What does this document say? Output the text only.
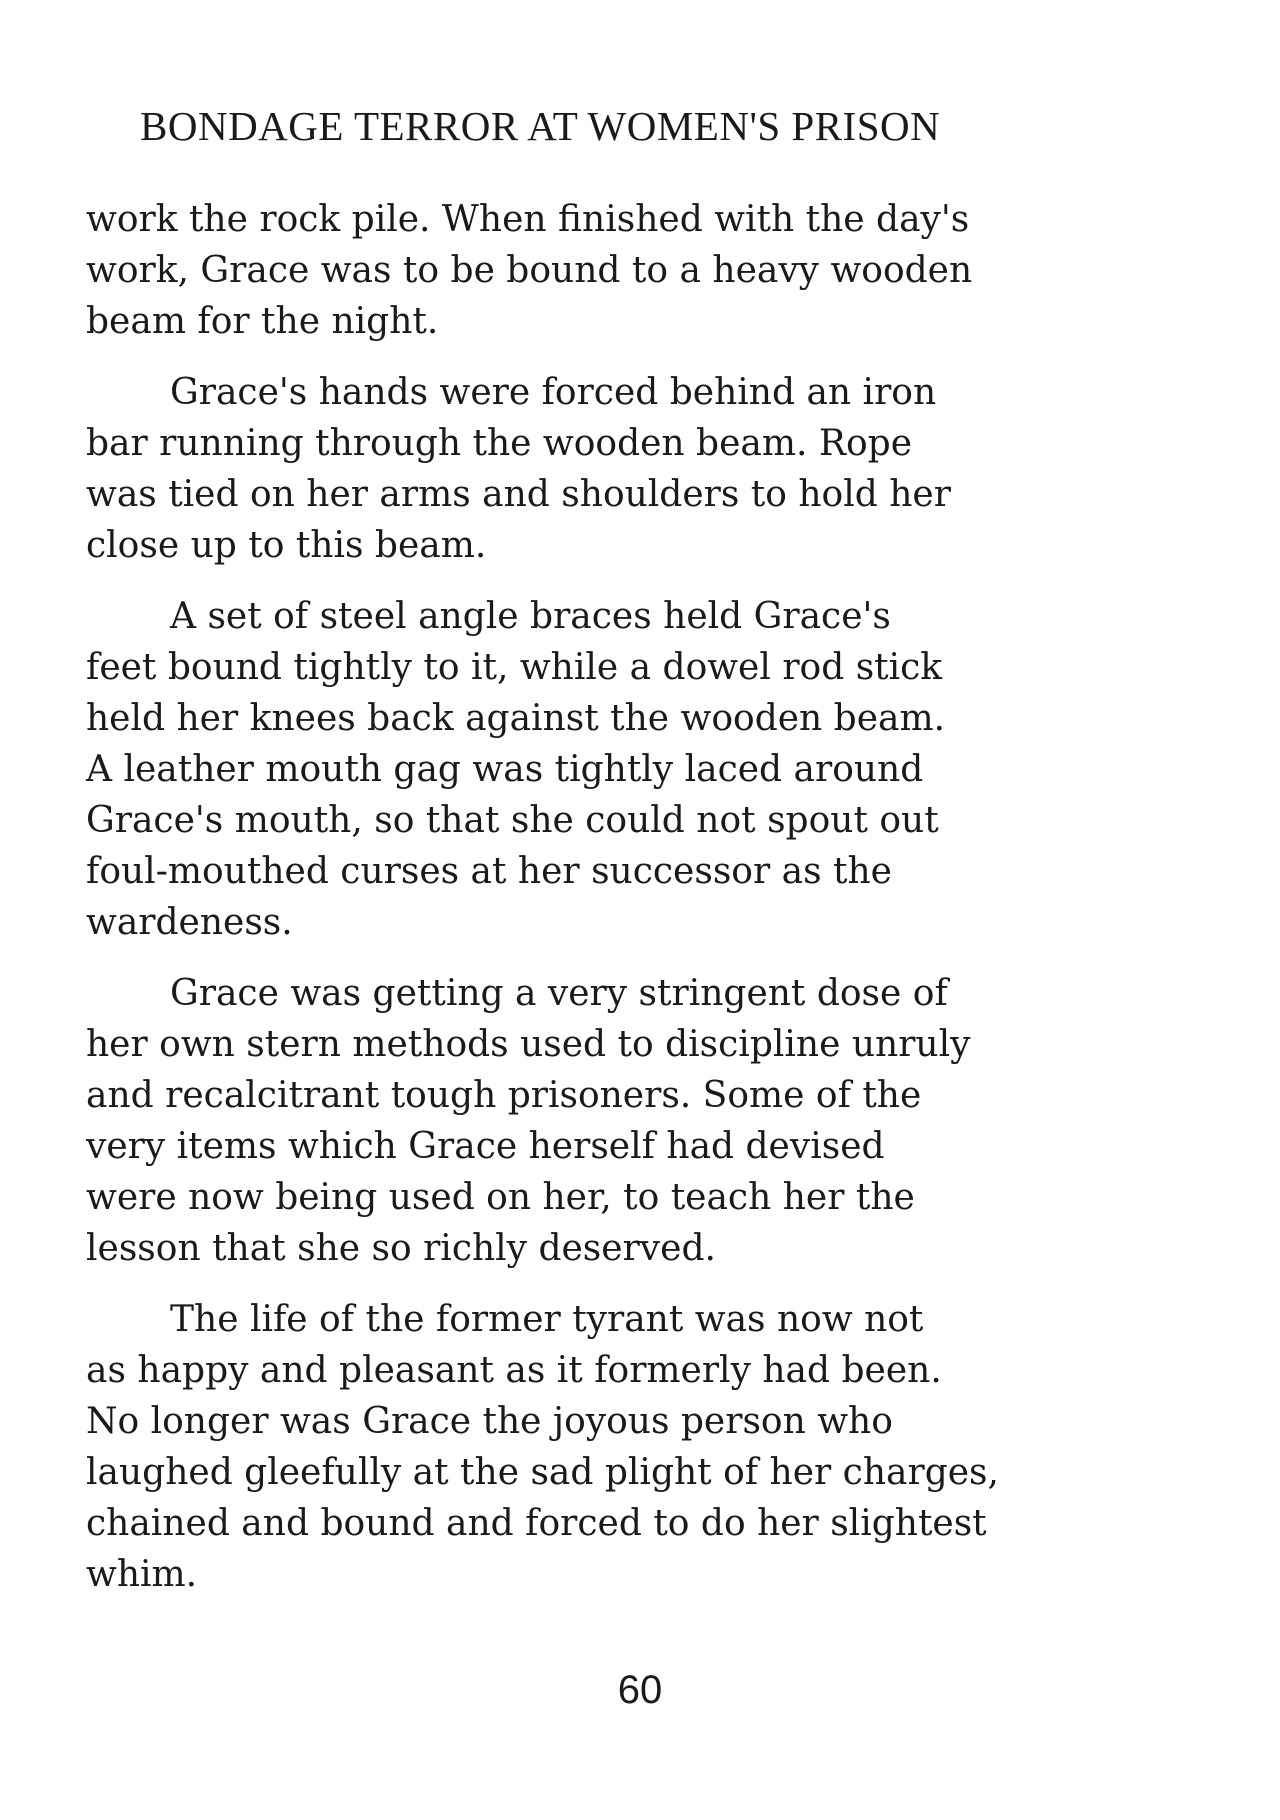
BONDAGE TERROR AT WOMEN'S PRISON

work the rock pile. When finished with the day's
work, Grace was to be bound to a heavy wooden
beam for the night.

Grace's hands were forced behind an iron
bar running through the wooden beam. Rope
was tied on her arms and shoulders to hold her
close up to this beam.

A set of steel angle braces held Grace's
feet bound tightly to it, while a dowel rod stick
held her knees back against the wooden beam.
A leather mouth gag was tightly laced around
Grace's mouth, so that she could not spout out
foul-mouthed curses at her successor as the
wardeness.

Grace was getting a very stringent dose of
her own stern methods used to discipline unruly
and recalcitrant tough prisoners. Some of the
very items which Grace herself had devised
were now being used on her, to teach her the
lesson that she so richly deserved.

The life of the former tyrant was now not
as happy and pleasant as it formerly had been.
No longer was Grace the joyous person who
laughed gleefully at the sad plight of her charges,
chained and bound and forced to do her slightest
whim.

60
